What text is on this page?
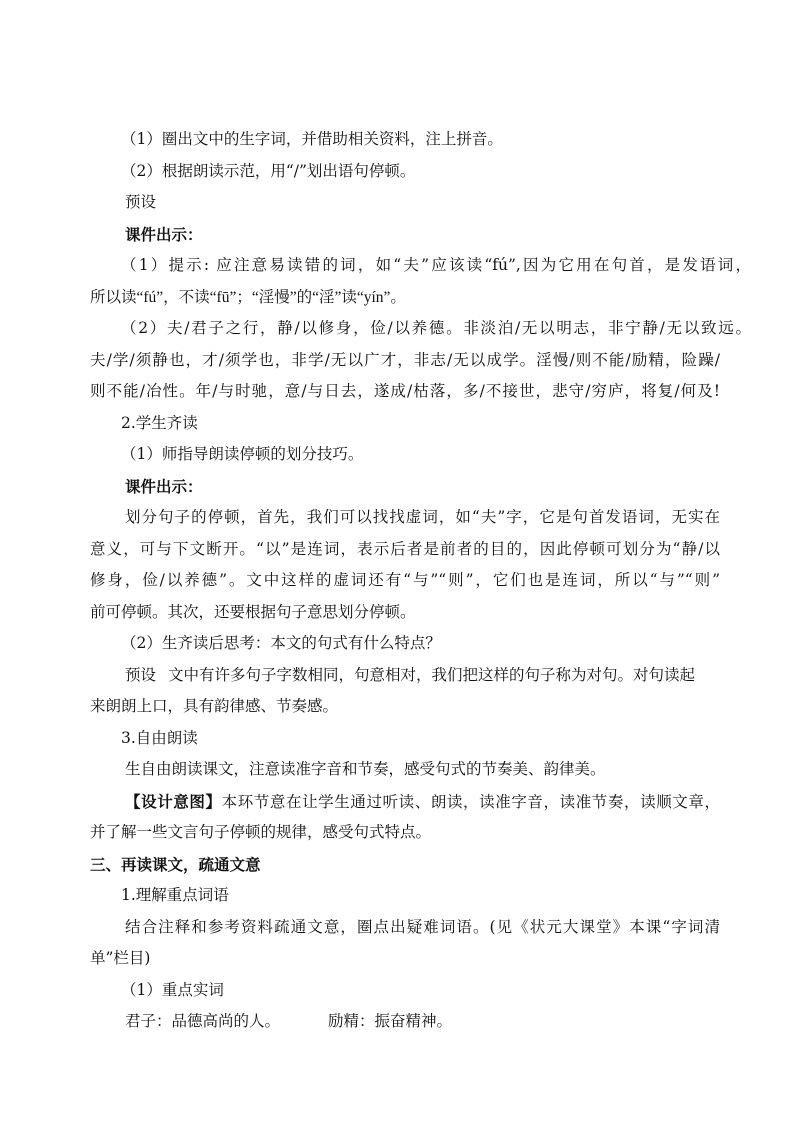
（1）圈出文中的生字词，并借助相关资料，注上拼音。
（2）根据朗读示范，用“/”划出语句停顿。
预设
课件出示：
（1）提示: 应注意易读错的词，如“夫”应该读“fú”,因为它用在句首，是发语词，
所以读“fú”，不读“fū”；“淫慢”的“淫”读“yín”。
（2）夫/君子之行，静/以修身，俭/以养德。非淡泊/无以明志，非宁静/无以致远。
夫/学/须静也，才/须学也，非学/无以广才，非志/无以成学。淫慢/则不能/励精，险躁/
则不能/冶性。年/与时驰，意/与日去，遂成/枯落，多/不接世，悲守/穷庐，将复/何及!
2.学生齐读
（1）师指导朗读停顿的划分技巧。
课件出示：
划分句子的停顿，首先，我们可以找找虚词，如“夫”字，它是句首发语词，无实在
意义，可与下文断开。“以”是连词，表示后者是前者的目的，因此停顿可划分为“静/以
修身，俭/以养德”。文中这样的虚词还有“与”“则”，它们也是连词，所以“与”“则”
前可停顿。其次，还要根据句子意思划分停顿。
（2）生齐读后思考：本文的句式有什么特点？
预设 文中有许多句子字数相同，句意相对，我们把这样的句子称为对句。对句读起
来朗朗上口，具有韵律感、节奏感。
3.自由朗读
生自由朗读课文，注意读准字音和节奏，感受句式的节奏美、韵律美。
【设计意图】本环节意在让学生通过听读、朗读，读准字音，读准节奏，读顺文章，
并了解一些文言句子停顿的规律，感受句式特点。
三、再读课文，疏通文意
1.理解重点词语
结合注释和参考资料疏通文意，圈点出疑难词语。(见《状元大课堂》本课“字词清
单”栏目)
（1）重点实词
君子：品德高尚的人。	励精：振奋精神。
